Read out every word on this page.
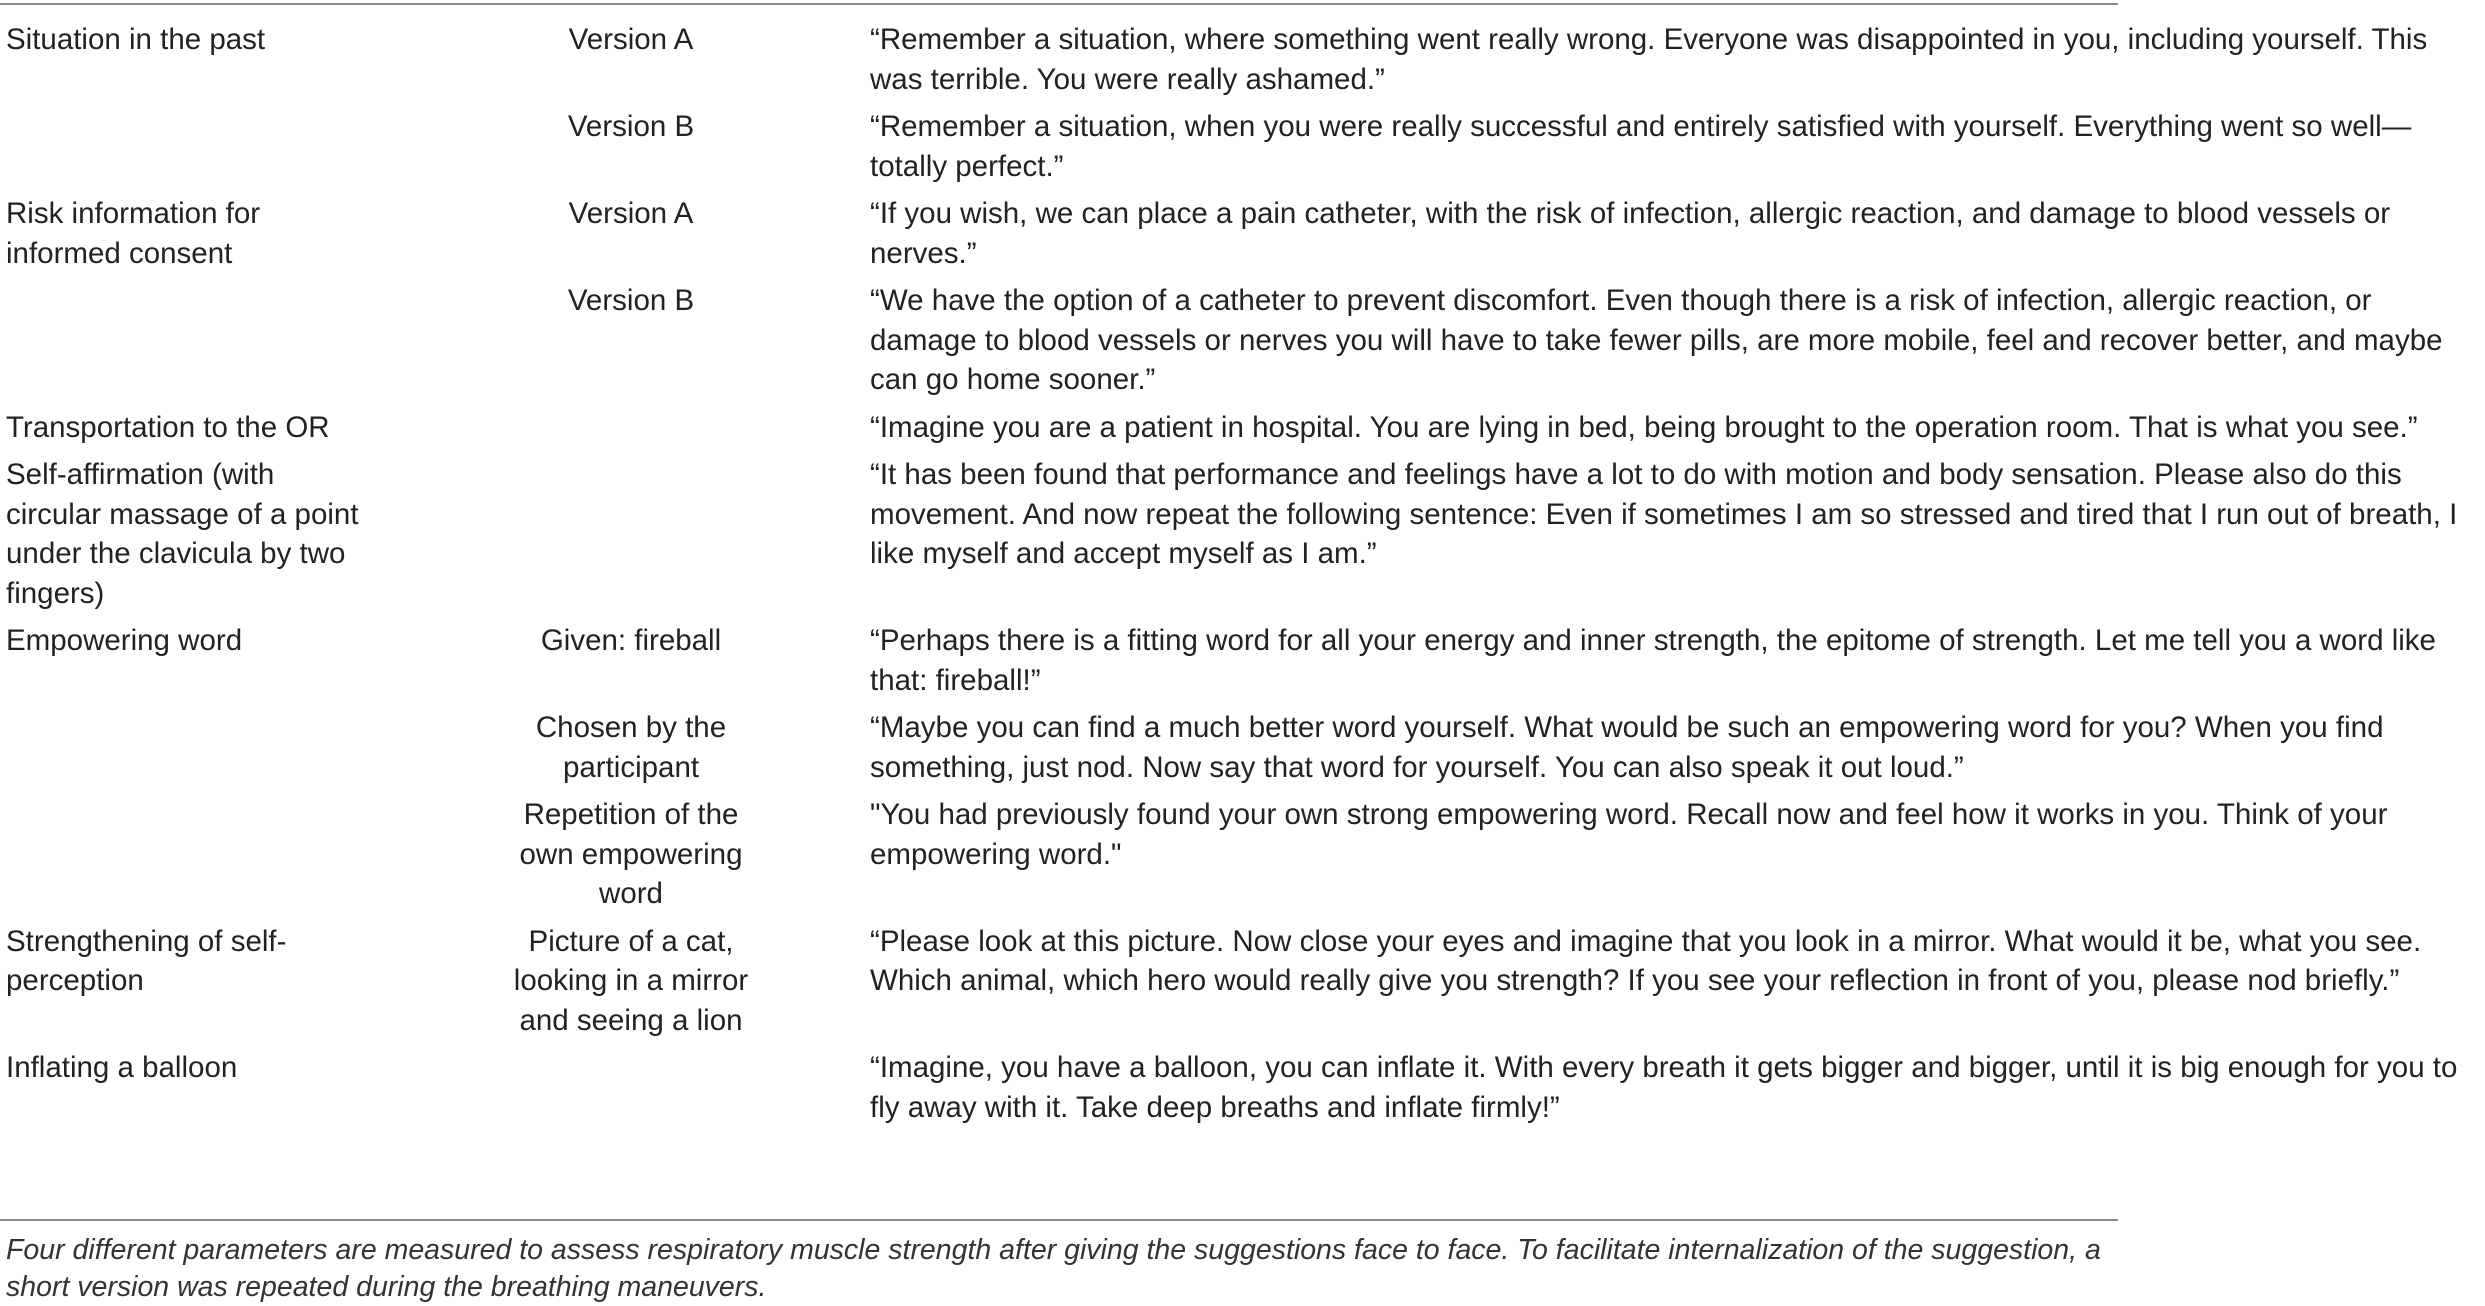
Situation in the past	Version A	“Remember a situation, where something went really wrong. Everyone was disappointed in you, including yourself. This was terrible. You were really ashamed.”

	Version B	“Remember a situation, when you were really successful and entirely satisfied with yourself. Everything went so well—totally perfect.”

Risk information for informed consent	Version A	“If you wish, we can place a pain catheter, with the risk of infection, allergic reaction, and damage to blood vessels or nerves.”

	Version B	“We have the option of a catheter to prevent discomfort. Even though there is a risk of infection, allergic reaction, or damage to blood vessels or nerves you will have to take fewer pills, are more mobile, feel and recover better, and maybe can go home sooner.”

Transportation to the OR		“Imagine you are a patient in hospital. You are lying in bed, being brought to the operation room. That is what you see.”

Self-affirmation (with circular massage of a point under the clavicula by two fingers)		“It has been found that performance and feelings have a lot to do with motion and body sensation. Please also do this movement. And now repeat the following sentence: Even if sometimes I am so stressed and tired that I run out of breath, I like myself and accept myself as I am.”

Empowering word	Given: fireball	“Perhaps there is a fitting word for all your energy and inner strength, the epitome of strength. Let me tell you a word like that: fireball!”

	Chosen by the participant	“Maybe you can find a much better word yourself. What would be such an empowering word for you? When you find something, just nod. Now say that word for yourself. You can also speak it out loud.”

	Repetition of the own empowering word	"You had previously found your own strong empowering word. Recall now and feel how it works in you. Think of your empowering word."

Strengthening of self-perception	Picture of a cat, looking in a mirror and seeing a lion	“Please look at this picture. Now close your eyes and imagine that you look in a mirror. What would it be, what you see. Which animal, which hero would really give you strength? If you see your reflection in front of you, please nod briefly.”

Inflating a balloon		“Imagine, you have a balloon, you can inflate it. With every breath it gets bigger and bigger, until it is big enough for you to fly away with it. Take deep breaths and inflate firmly!”
Four different parameters are measured to assess respiratory muscle strength after giving the suggestions face to face. To facilitate internalization of the suggestion, a short version was repeated during the breathing maneuvers.
